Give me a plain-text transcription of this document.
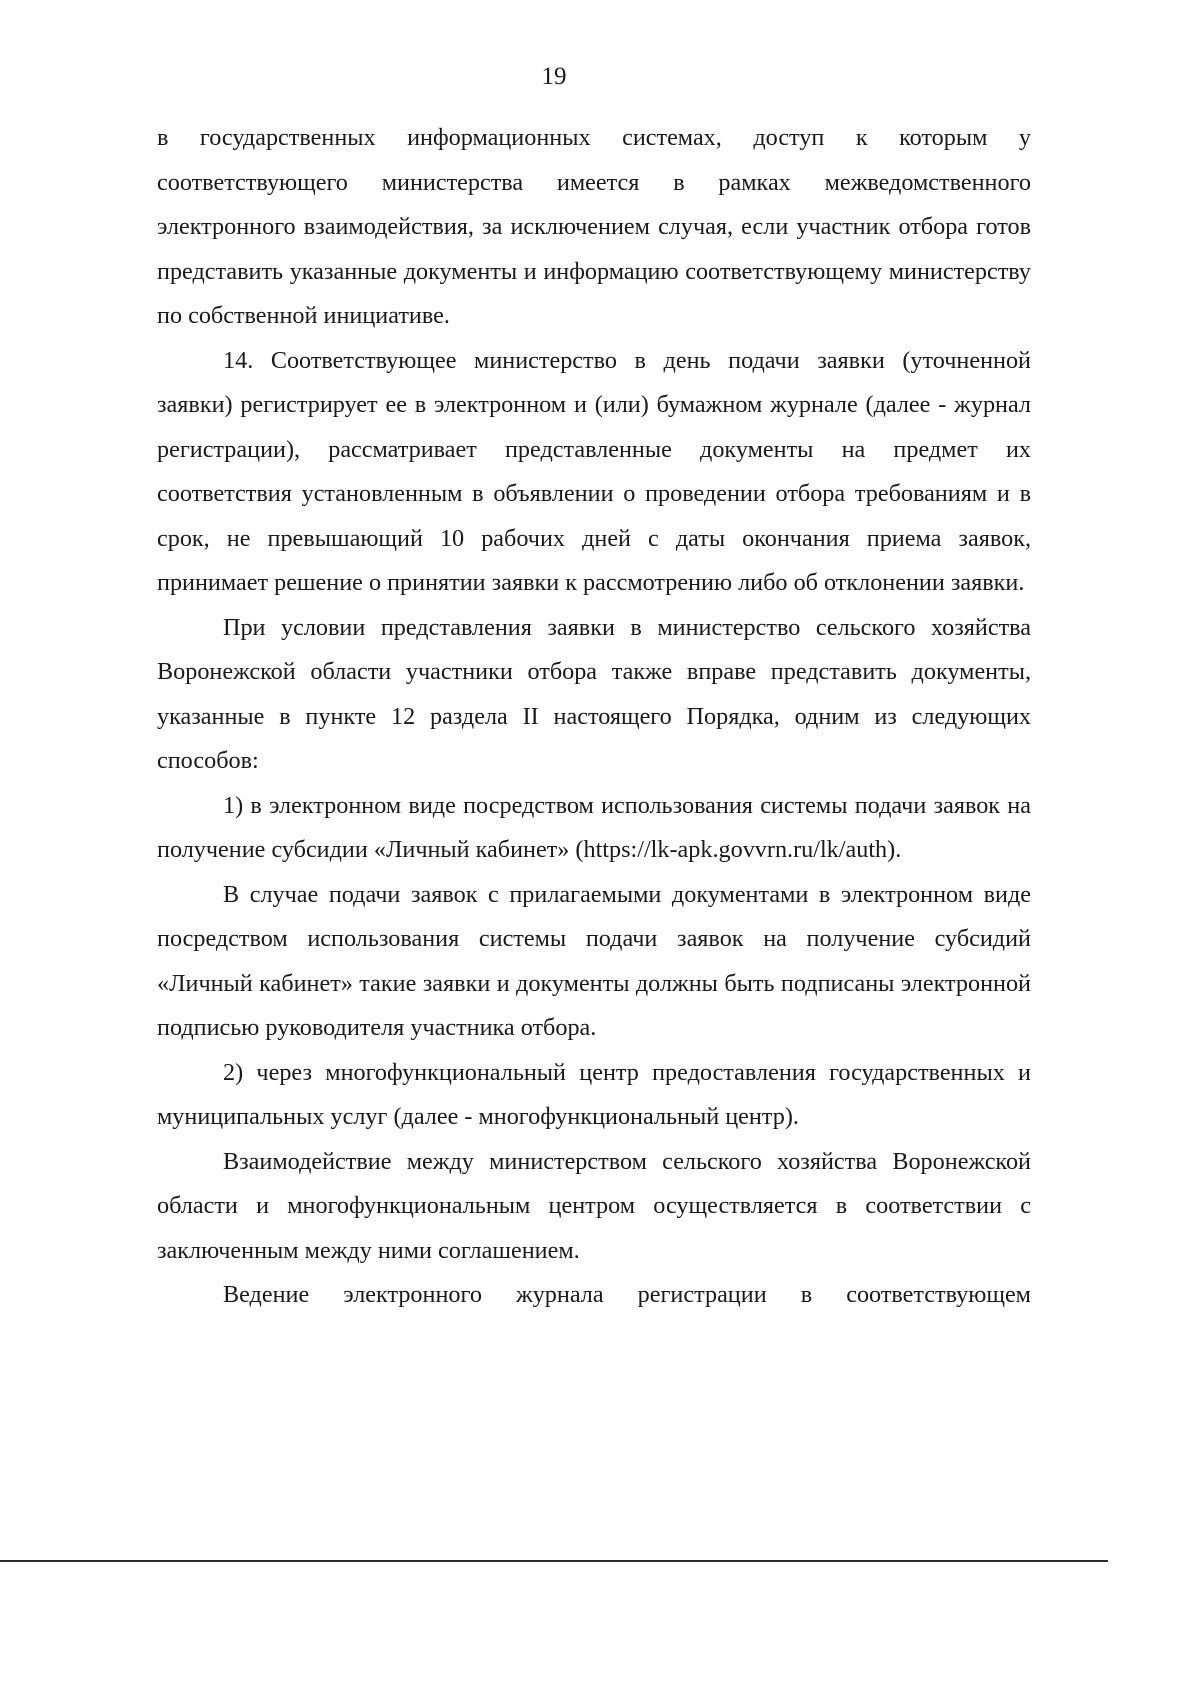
19

в государственных информационных системах, доступ к которым у соответствующего министерства имеется в рамках межведомственного электронного взаимодействия, за исключением случая, если участник отбора готов представить указанные документы и информацию соответствующему министерству по собственной инициативе.

14. Соответствующее министерство в день подачи заявки (уточненной заявки) регистрирует ее в электронном и (или) бумажном журнале (далее - журнал регистрации), рассматривает представленные документы на предмет их соответствия установленным в объявлении о проведении отбора требованиям и в срок, не превышающий 10 рабочих дней с даты окончания приема заявок, принимает решение о принятии заявки к рассмотрению либо об отклонении заявки.

При условии представления заявки в министерство сельского хозяйства Воронежской области участники отбора также вправе представить документы, указанные в пункте 12 раздела II настоящего Порядка, одним из следующих способов:

1) в электронном виде посредством использования системы подачи заявок на получение субсидии «Личный кабинет» (https://lk-apk.govvrn.ru/lk/auth).

В случае подачи заявок с прилагаемыми документами в электронном виде посредством использования системы подачи заявок на получение субсидий «Личный кабинет» такие заявки и документы должны быть подписаны электронной подписью руководителя участника отбора.

2) через многофункциональный центр предоставления государственных и муниципальных услуг (далее - многофункциональный центр).

Взаимодействие между министерством сельского хозяйства Воронежской области и многофункциональным центром осуществляется в соответствии с заключенным между ними соглашением.

Ведение электронного журнала регистрации в соответствующем
